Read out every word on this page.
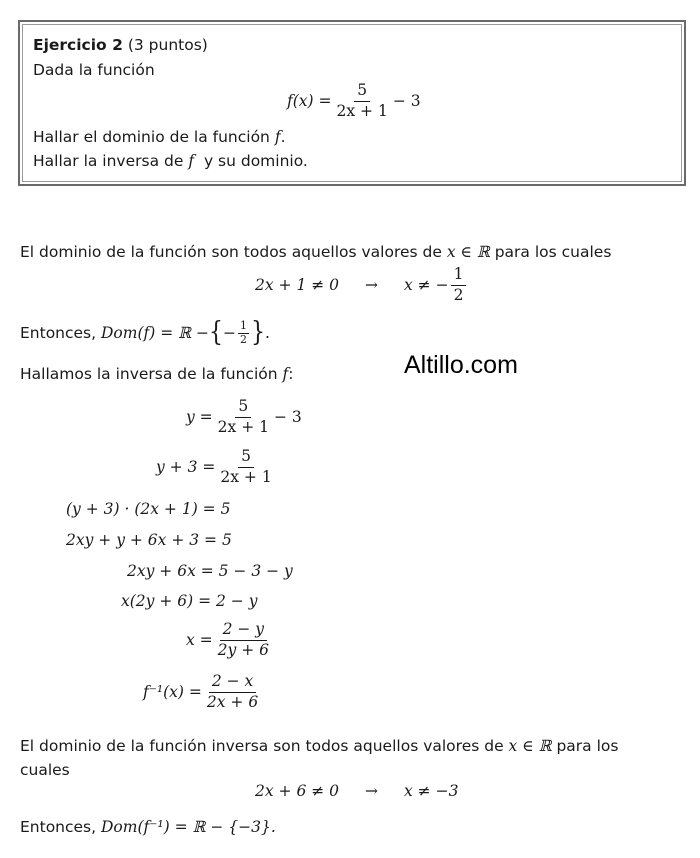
Ejercicio 2 (3 puntos)
Dada la función
$f(x) = \frac{5}{2x + 1} - 3$
Hallar el dominio de la función f.
Hallar la inversa de f y su dominio.
El dominio de la función son todos aquellos valores de x ∈ ℝ para los cuales
2x + 1 ≠ 0 → x ≠ − $\frac{1}{2}$
Entonces,
Dom(f) = ℝ − { − $\frac{1}{2}$ } .
Hallamos la inversa de la función f:	Altillo.com
$y = \frac{5}{2x + 1} - 3$
$y + 3 = \frac{5}{2x + 1}$
(y + 3) · (2x + 1) = 5
2xy + y + 6x + 3 = 5
2xy + 6x = 5 − 3 − y
x(2y + 6) = 2 − y
$x = \frac{2 - y}{2y + 6}$
$f^{-1}(x) = \frac{2 - x}{2x + 6}$
El dominio de la función inversa son todos aquellos valores de x ∈ ℝ para los
cuales
2x + 6 ≠ 0 → x ≠ −3
Entonces, Dom(f⁻¹) = ℝ − {−3}.
